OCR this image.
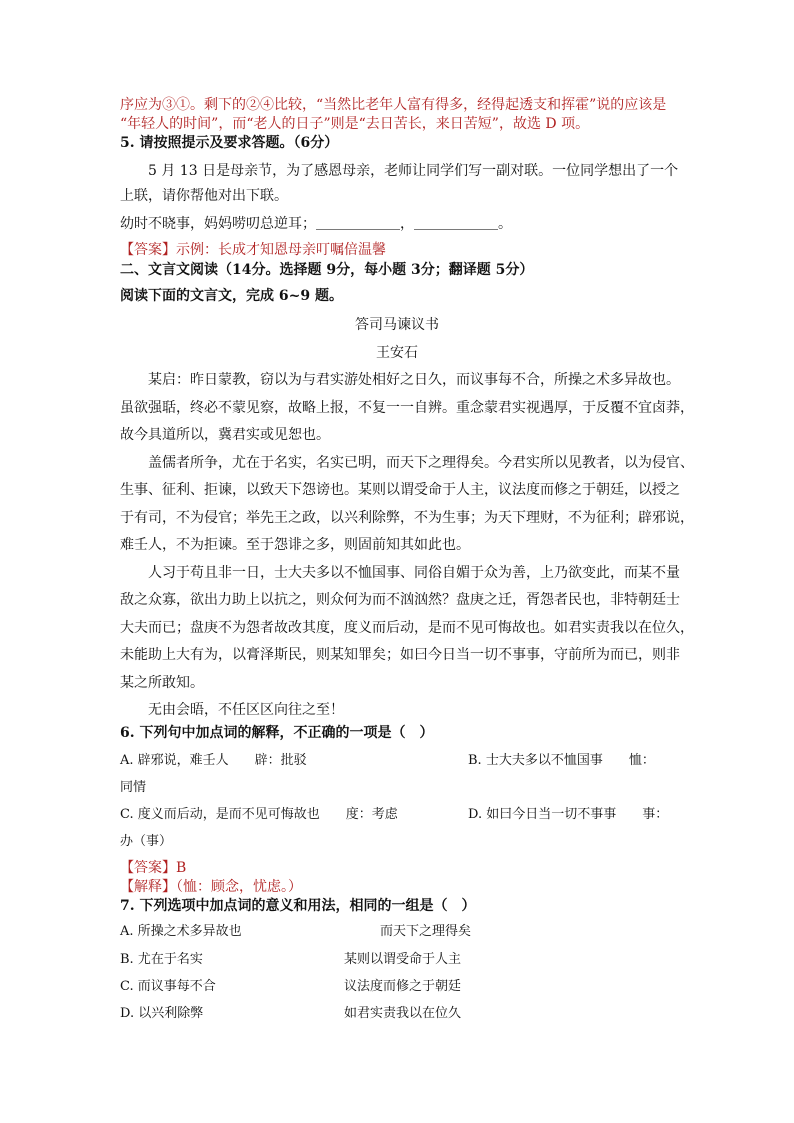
序应为③①。剩下的②④比较，“当然比老年人富有得多，经得起透支和挥霍”说的应该是
“年轻人的时间”，而“老人的日子”则是“去日苦长，来日苦短”，故选 D 项。
5. 请按照提示及要求答题。（6分）
5 月 13 日是母亲节，为了感恩母亲，老师让同学们写一副对联。一位同学想出了一个
上联，请你帮他对出下联。
幼时不晓事，妈妈唠叨总逆耳；＿＿＿＿＿＿，＿＿＿＿＿＿。
【答案】示例：长成才知恩母亲叮嘱倍温馨
二、文言文阅读（14分。选择题 9分，每小题 3分；翻译题 5分）
阅读下面的文言文，完成 6~9 题。
答司马谏议书
王安石
某启：昨日蒙教，窃以为与君实游处相好之日久，而议事每不合，所操之术多异故也。
虽欲强聒，终必不蒙见察，故略上报，不复一一自辨。重念蒙君实视遇厚，于反覆不宜卤莽，
故今具道所以，冀君实或见恕也。
盖儒者所争，尤在于名实，名实已明，而天下之理得矣。今君实所以见教者，以为侵官、
生事、征利、拒谏，以致天下怨谤也。某则以谓受命于人主，议法度而修之于朝廷，以授之
于有司，不为侵官；举先王之政，以兴利除弊，不为生事；为天下理财，不为征利；辟邪说，
难壬人，不为拒谏。至于怨诽之多，则固前知其如此也。
人习于苟且非一日，士大夫多以不恤国事、同俗自媚于众为善，上乃欲变此，而某不量
敌之众寡，欲出力助上以抗之，则众何为而不汹汹然？盘庚之迁，胥怨者民也，非特朝廷士
大夫而已；盘庚不为怨者故改其度，度义而后动，是而不见可悔故也。如君实责我以在位久，
未能助上大有为，以膏泽斯民，则某知罪矣；如曰今日当一切不事事，守前所为而已，则非
某之所敢知。
无由会晤，不任区区向往之至！
6. 下列句中加点词的解释，不正确的一项是（　）
A. 辟邪说，难壬人　　辟：批驳	B. 士大夫多以不恤国事　　恤：
同情
C. 度义而后动，是而不见可悔故也　　度：考虑	D. 如曰今日当一切不事事　　事：
办（事）
【答案】B
【解释】（恤：顾念，忧虑。）
7. 下列选项中加点词的意义和用法，相同的一组是（　）
A. 所操之术多异故也	而天下之理得矣
B. 尤在于名实	某则以谓受命于人主
C. 而议事每不合	议法度而修之于朝廷
D. 以兴利除弊	如君实责我以在位久
